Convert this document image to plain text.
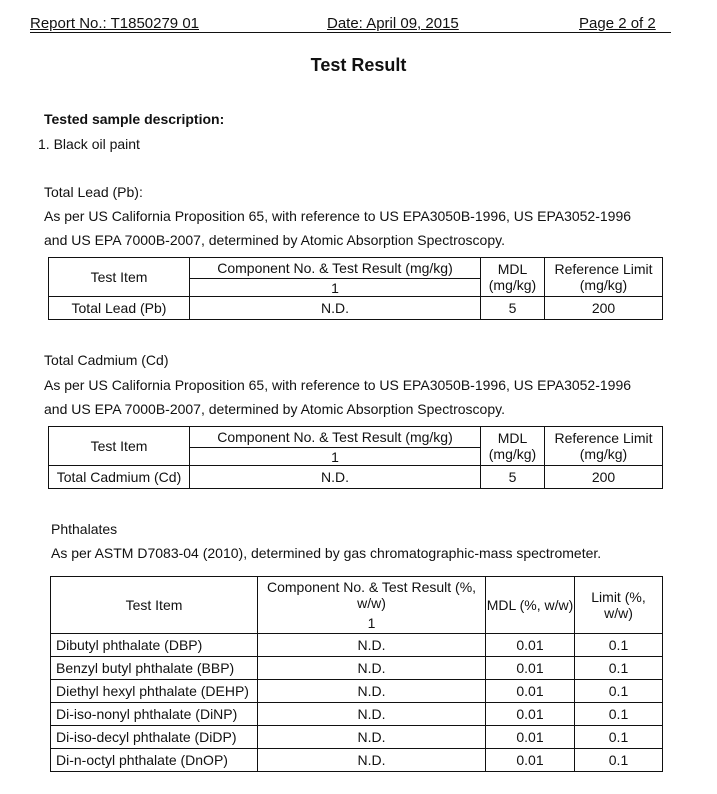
Report No.: T1850279 01	Date: April 09, 2015	Page 2 of 2
Test Result
Tested sample description:
1. Black oil paint
Total Lead (Pb):
As per US California Proposition 65, with reference to US EPA3050B-1996, US EPA3052-1996
and US EPA 7000B-2007, determined by Atomic Absorption Spectroscopy.
Test Item	Component No. & Test Result (mg/kg)	MDL (mg/kg)	Reference Limit (mg/kg)
	1		
Total Lead (Pb)	N.D.	5	200
Total Cadmium (Cd)
As per US California Proposition 65, with reference to US EPA3050B-1996, US EPA3052-1996
and US EPA 7000B-2007, determined by Atomic Absorption Spectroscopy.
Test Item	Component No. & Test Result (mg/kg)	MDL (mg/kg)	Reference Limit (mg/kg)
	1		
Total Cadmium (Cd)	N.D.	5	200
Phthalates
As per ASTM D7083-04 (2010), determined by gas chromatographic-mass spectrometer.
Test Item	Component No. & Test Result (%, w/w)	MDL (%, w/w)	Limit (%, w/w)
	1		
Dibutyl phthalate (DBP)	N.D.	0.01	0.1
Benzyl butyl phthalate (BBP)	N.D.	0.01	0.1
Diethyl hexyl phthalate (DEHP)	N.D.	0.01	0.1
Di-iso-nonyl phthalate (DiNP)	N.D.	0.01	0.1
Di-iso-decyl phthalate (DiDP)	N.D.	0.01	0.1
Di-n-octyl phthalate (DnOP)	N.D.	0.01	0.1
